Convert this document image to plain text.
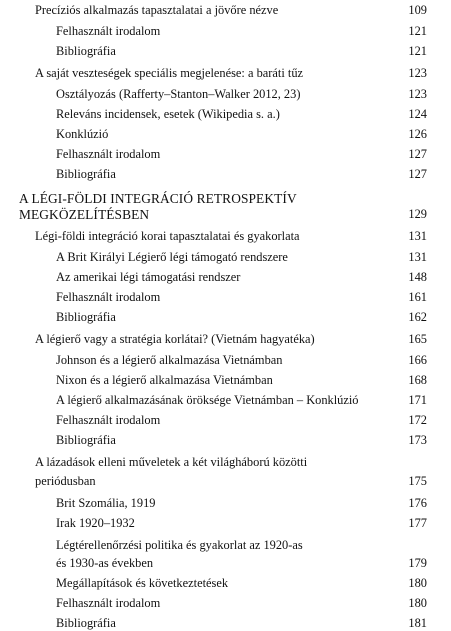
Precíziós alkalmazás tapasztalatai a jövőre nézve	109
Felhasznált irodalom	121
Bibliográfia	121
A saját veszteségek speciális megjelenése: a baráti tűz	123
Osztályozás (Rafferty–Stanton–Walker 2012, 23)	123
Releváns incidensek, esetek (Wikipedia s. a.)	124
Konklúzió	126
Felhasznált irodalom	127
Bibliográfia	127
A LÉGI-FÖLDI INTEGRÁCIÓ RETROSPEKTÍV
MEGKÖZELÍTÉSBEN	129
Légi-földi integráció korai tapasztalatai és gyakorlata	131
A Brit Királyi Légierő légi támogató rendszere	131
Az amerikai légi támogatási rendszer	148
Felhasznált irodalom	161
Bibliográfia	162
A légierő vagy a stratégia korlátai? (Vietnám hagyatéka)	165
Johnson és a légierő alkalmazása Vietnámban	166
Nixon és a légierő alkalmazása Vietnámban	168
A légierő alkalmazásának öröksége Vietnámban – Konklúzió	171
Felhasznált irodalom	172
Bibliográfia	173
A lázadások elleni műveletek a két világháború közötti
periódusban	175
Brit Szomália, 1919	176
Irak 1920–1932	177
Légtérellenőrzési politika és gyakorlat az 1920-as
és 1930-as években	179
Megállapítások és következtetések	180
Felhasznált irodalom	180
Bibliográfia	181
